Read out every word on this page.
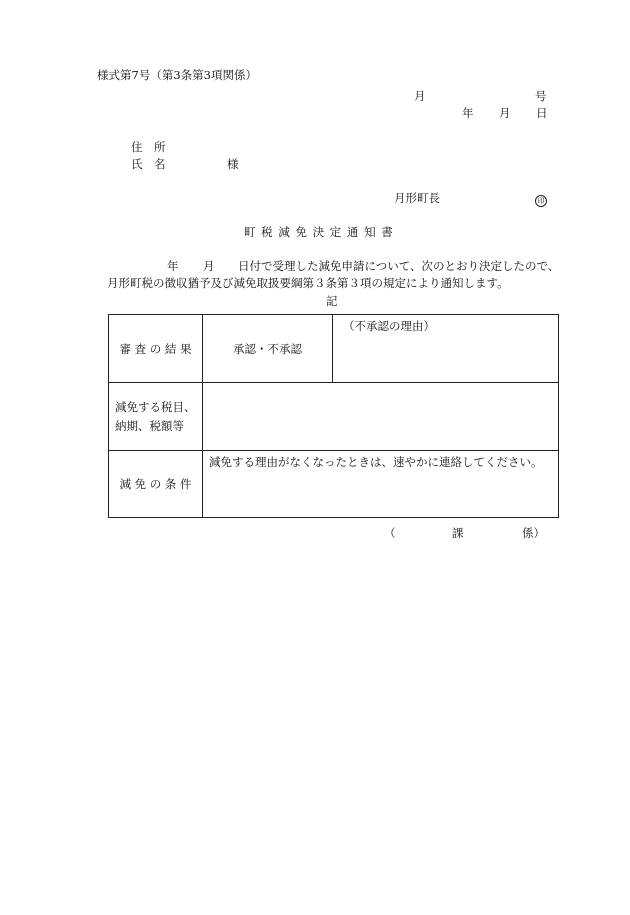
様式第7号（第3条第3項関係）
月	号
年 月 日
住　所
氏　名	様
月形町長	印
町 税 減 免 決 定 通 知 書
年 月 日付で受理した減免申請について、次のとおり決定したので、
月形町税の徴収猶予及び減免取扱要綱第３条第３項の規定により通知します。
記
審 査 の 結 果	承認・不承認	（不承認の理由）

減免する税目、
納期、税額等		

減 免 の 条 件	減免する理由がなくなったときは、速やかに連絡してください。	
（	課	係）
